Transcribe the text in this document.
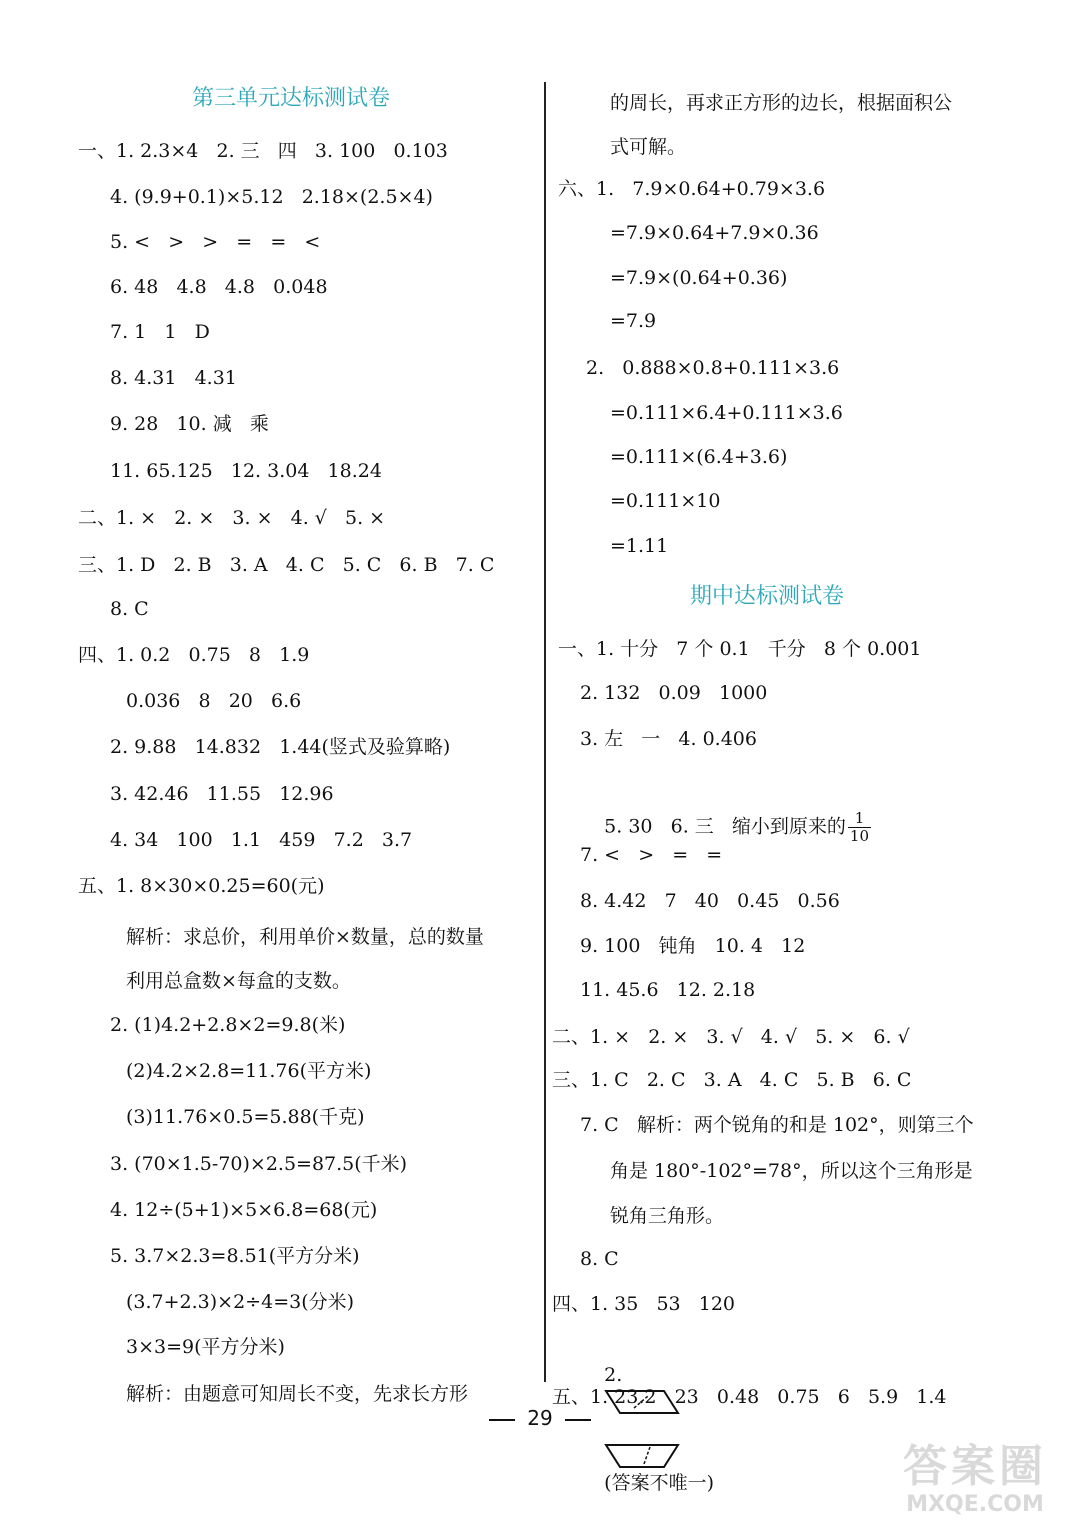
第三单元达标测试卷
一、1. 2.3×4   2. 三   四   3. 100   0.103
4. (9.9+0.1)×5.12   2.18×(2.5×4)
5. <   >   >   =   =   <
6. 48   4.8   4.8   0.048
7. 1   1   D
8. 4.31   4.31
9. 28   10. 减   乘
11. 65.125   12. 3.04   18.24
二、1. ×   2. ×   3. ×   4. √   5. ×
三、1. D   2. B   3. A   4. C   5. C   6. B   7. C
8. C
四、1. 0.2   0.75   8   1.9
0.036   8   20   6.6
2. 9.88   14.832   1.44(竖式及验算略)
3. 42.46   11.55   12.96
4. 34   100   1.1   459   7.2   3.7
五、1. 8×30×0.25=60(元)
解析：求总价，利用单价×数量，总的数量
利用总盒数×每盒的支数。
2. (1)4.2+2.8×2=9.8(米)
(2)4.2×2.8=11.76(平方米)
(3)11.76×0.5=5.88(千克)
3. (70×1.5-70)×2.5=87.5(千米)
4. 12÷(5+1)×5×6.8=68(元)
5. 3.7×2.3=8.51(平方分米)
(3.7+2.3)×2÷4=3(分米)
3×3=9(平方分米)
解析：由题意可知周长不变，先求长方形
的周长，再求正方形的边长，根据面积公
式可解。
六、1.   7.9×0.64+0.79×3.6
=7.9×0.64+7.9×0.36
=7.9×(0.64+0.36)
=7.9
2.   0.888×0.8+0.111×3.6
=0.111×6.4+0.111×3.6
=0.111×(6.4+3.6)
=0.111×10
=1.11
期中达标测试卷
一、1. 十分   7 个 0.1   千分   8 个 0.001
2. 132   0.09   1000
3. 左   一   4. 0.406

5. 30   6. 三   缩小到原来的 $\frac{1}{10}$

7. <   >   =   =
8. 4.42   7   40   0.45   0.56
9. 100   钝角   10. 4   12
11. 45.6   12. 2.18
二、1. ×   2. ×   3. √   4. √   5. ×   6. √
三、1. C   2. C   3. A   4. C   5. B   6. C
7. C   解析：两个锐角的和是 102°，则第三个
角是 180°-102°=78°，所以这个三角形是
锐角三角形。
8. C
四、1. 35   53   120

2.

(答案不唯一)

五、1. 23.2   23   0.48   0.75   6   5.9   1.4
29
答案圈
MXQE.COM
